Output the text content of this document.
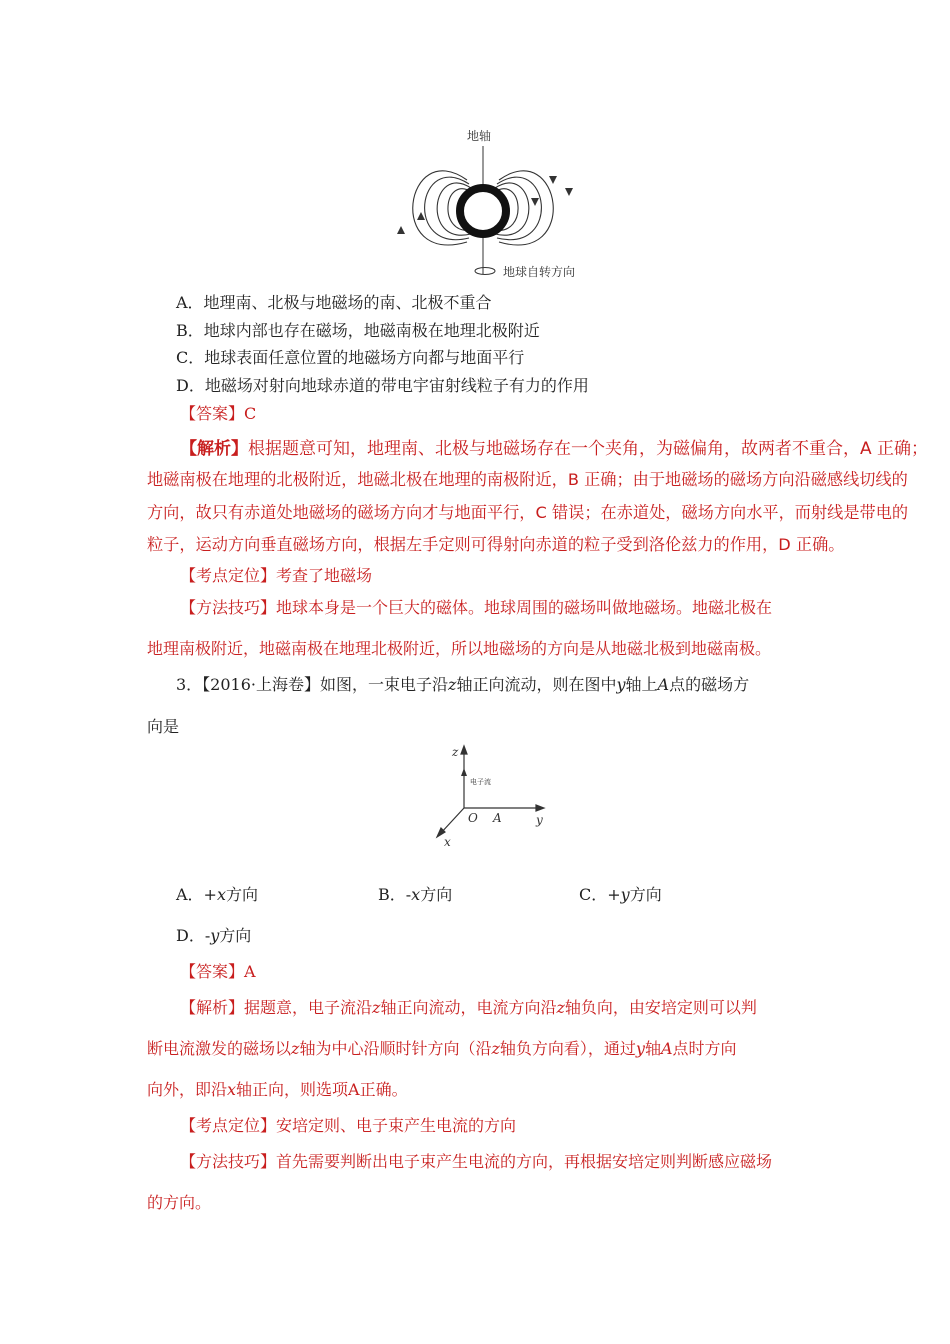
地轴
地球自转方向
A．地理南、北极与地磁场的南、北极不重合
B．地球内部也存在磁场，地磁南极在地理北极附近
C．地球表面任意位置的地磁场方向都与地面平行
D．地磁场对射向地球赤道的带电宇宙射线粒子有力的作用
【答案】C
【解析】根据题意可知，地理南、北极与地磁场存在一个夹角，为磁偏角，故两者不重合，A 正确；
地磁南极在地理的北极附近，地磁北极在地理的南极附近，B 正确；由于地磁场的磁场方向沿磁感线切线的
方向，故只有赤道处地磁场的磁场方向才与地面平行，C 错误；在赤道处，磁场方向水平，而射线是带电的
粒子，运动方向垂直磁场方向，根据左手定则可得射向赤道的粒子受到洛伦兹力的作用，D 正确。
【考点定位】考查了地磁场
【方法技巧】地球本身是一个巨大的磁体。地球周围的磁场叫做地磁场。地磁北极在
地理南极附近，地磁南极在地理北极附近，所以地磁场的方向是从地磁北极到地磁南极。
3．【2016·上海卷】如图，一束电子沿z轴正向流动，则在图中y轴上A点的磁场方
向是
z
电子流
O A	y
x
A．+x方向	B．-x方向	C．+y方向
D．-y方向
【答案】A
【解析】据题意，电子流沿z轴正向流动，电流方向沿z轴负向，由安培定则可以判
断电流激发的磁场以z轴为中心沿顺时针方向（沿z轴负方向看），通过y轴A点时方向
向外，即沿x轴正向，则选项A正确。
【考点定位】安培定则、电子束产生电流的方向
【方法技巧】首先需要判断出电子束产生电流的方向，再根据安培定则判断感应磁场
的方向。
